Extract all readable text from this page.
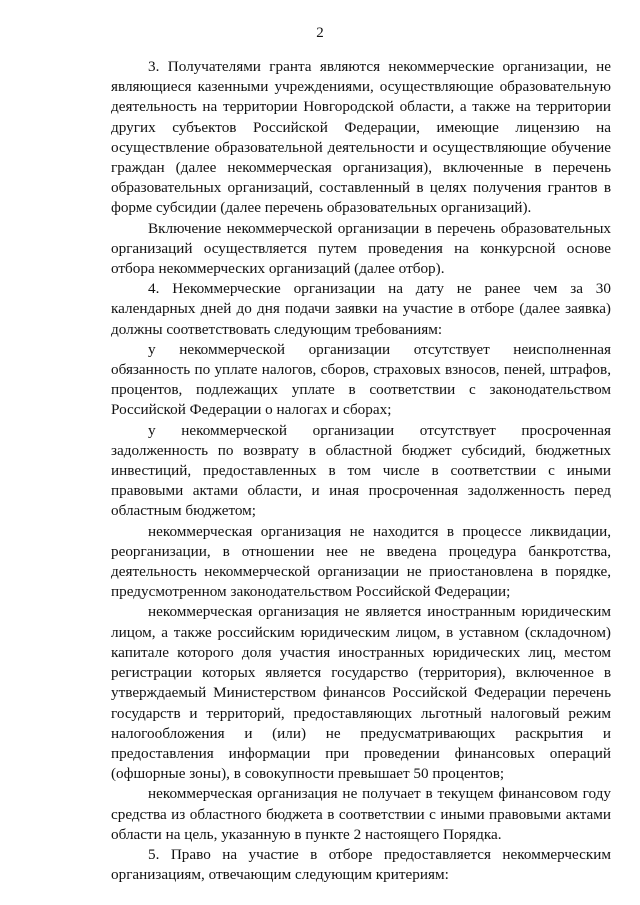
2

3. Получателями гранта являются некоммерческие организации, не являющиеся казенными учреждениями, осуществляющие образовательную деятельность на территории Новгородской области, а также на территории других субъектов Российской Федерации, имеющие лицензию на осуществление образовательной деятельности и осуществляющие обучение граждан (далее некоммерческая организация), включенные в перечень образовательных организаций, составленный в целях получения грантов в форме субсидии (далее перечень образовательных организаций).

Включение некоммерческой организации в перечень образовательных организаций осуществляется путем проведения на конкурсной основе отбора некоммерческих организаций (далее отбор).

4. Некоммерческие организации на дату не ранее чем за 30 календарных дней до дня подачи заявки на участие в отборе (далее заявка) должны соответствовать следующим требованиям:

у некоммерческой организации отсутствует неисполненная обязанность по уплате налогов, сборов, страховых взносов, пеней, штрафов, процентов, подлежащих уплате в соответствии с законодательством Российской Федерации о налогах и сборах;

у некоммерческой организации отсутствует просроченная задолженность по возврату в областной бюджет субсидий, бюджетных инвестиций, предоставленных в том числе в соответствии с иными правовыми актами области, и иная просроченная задолженность перед областным бюджетом;

некоммерческая организация не находится в процессе ликвидации, реорганизации, в отношении нее не введена процедура банкротства, деятельность некоммерческой организации не приостановлена в порядке, предусмотренном законодательством Российской Федерации;

некоммерческая организация не является иностранным юридическим лицом, а также российским юридическим лицом, в уставном (складочном) капитале которого доля участия иностранных юридических лиц, местом регистрации которых является государство (территория), включенное в утверждаемый Министерством финансов Российской Федерации перечень государств и территорий, предоставляющих льготный налоговый режим налогообложения и (или) не предусматривающих раскрытия и предоставления информации при проведении финансовых операций (офшорные зоны), в совокупности превышает 50 процентов;

некоммерческая организация не получает в текущем финансовом году средства из областного бюджета в соответствии с иными правовыми актами области на цель, указанную в пункте 2 настоящего Порядка.

5. Право на участие в отборе предоставляется некоммерческим организациям, отвечающим следующим критериям:
